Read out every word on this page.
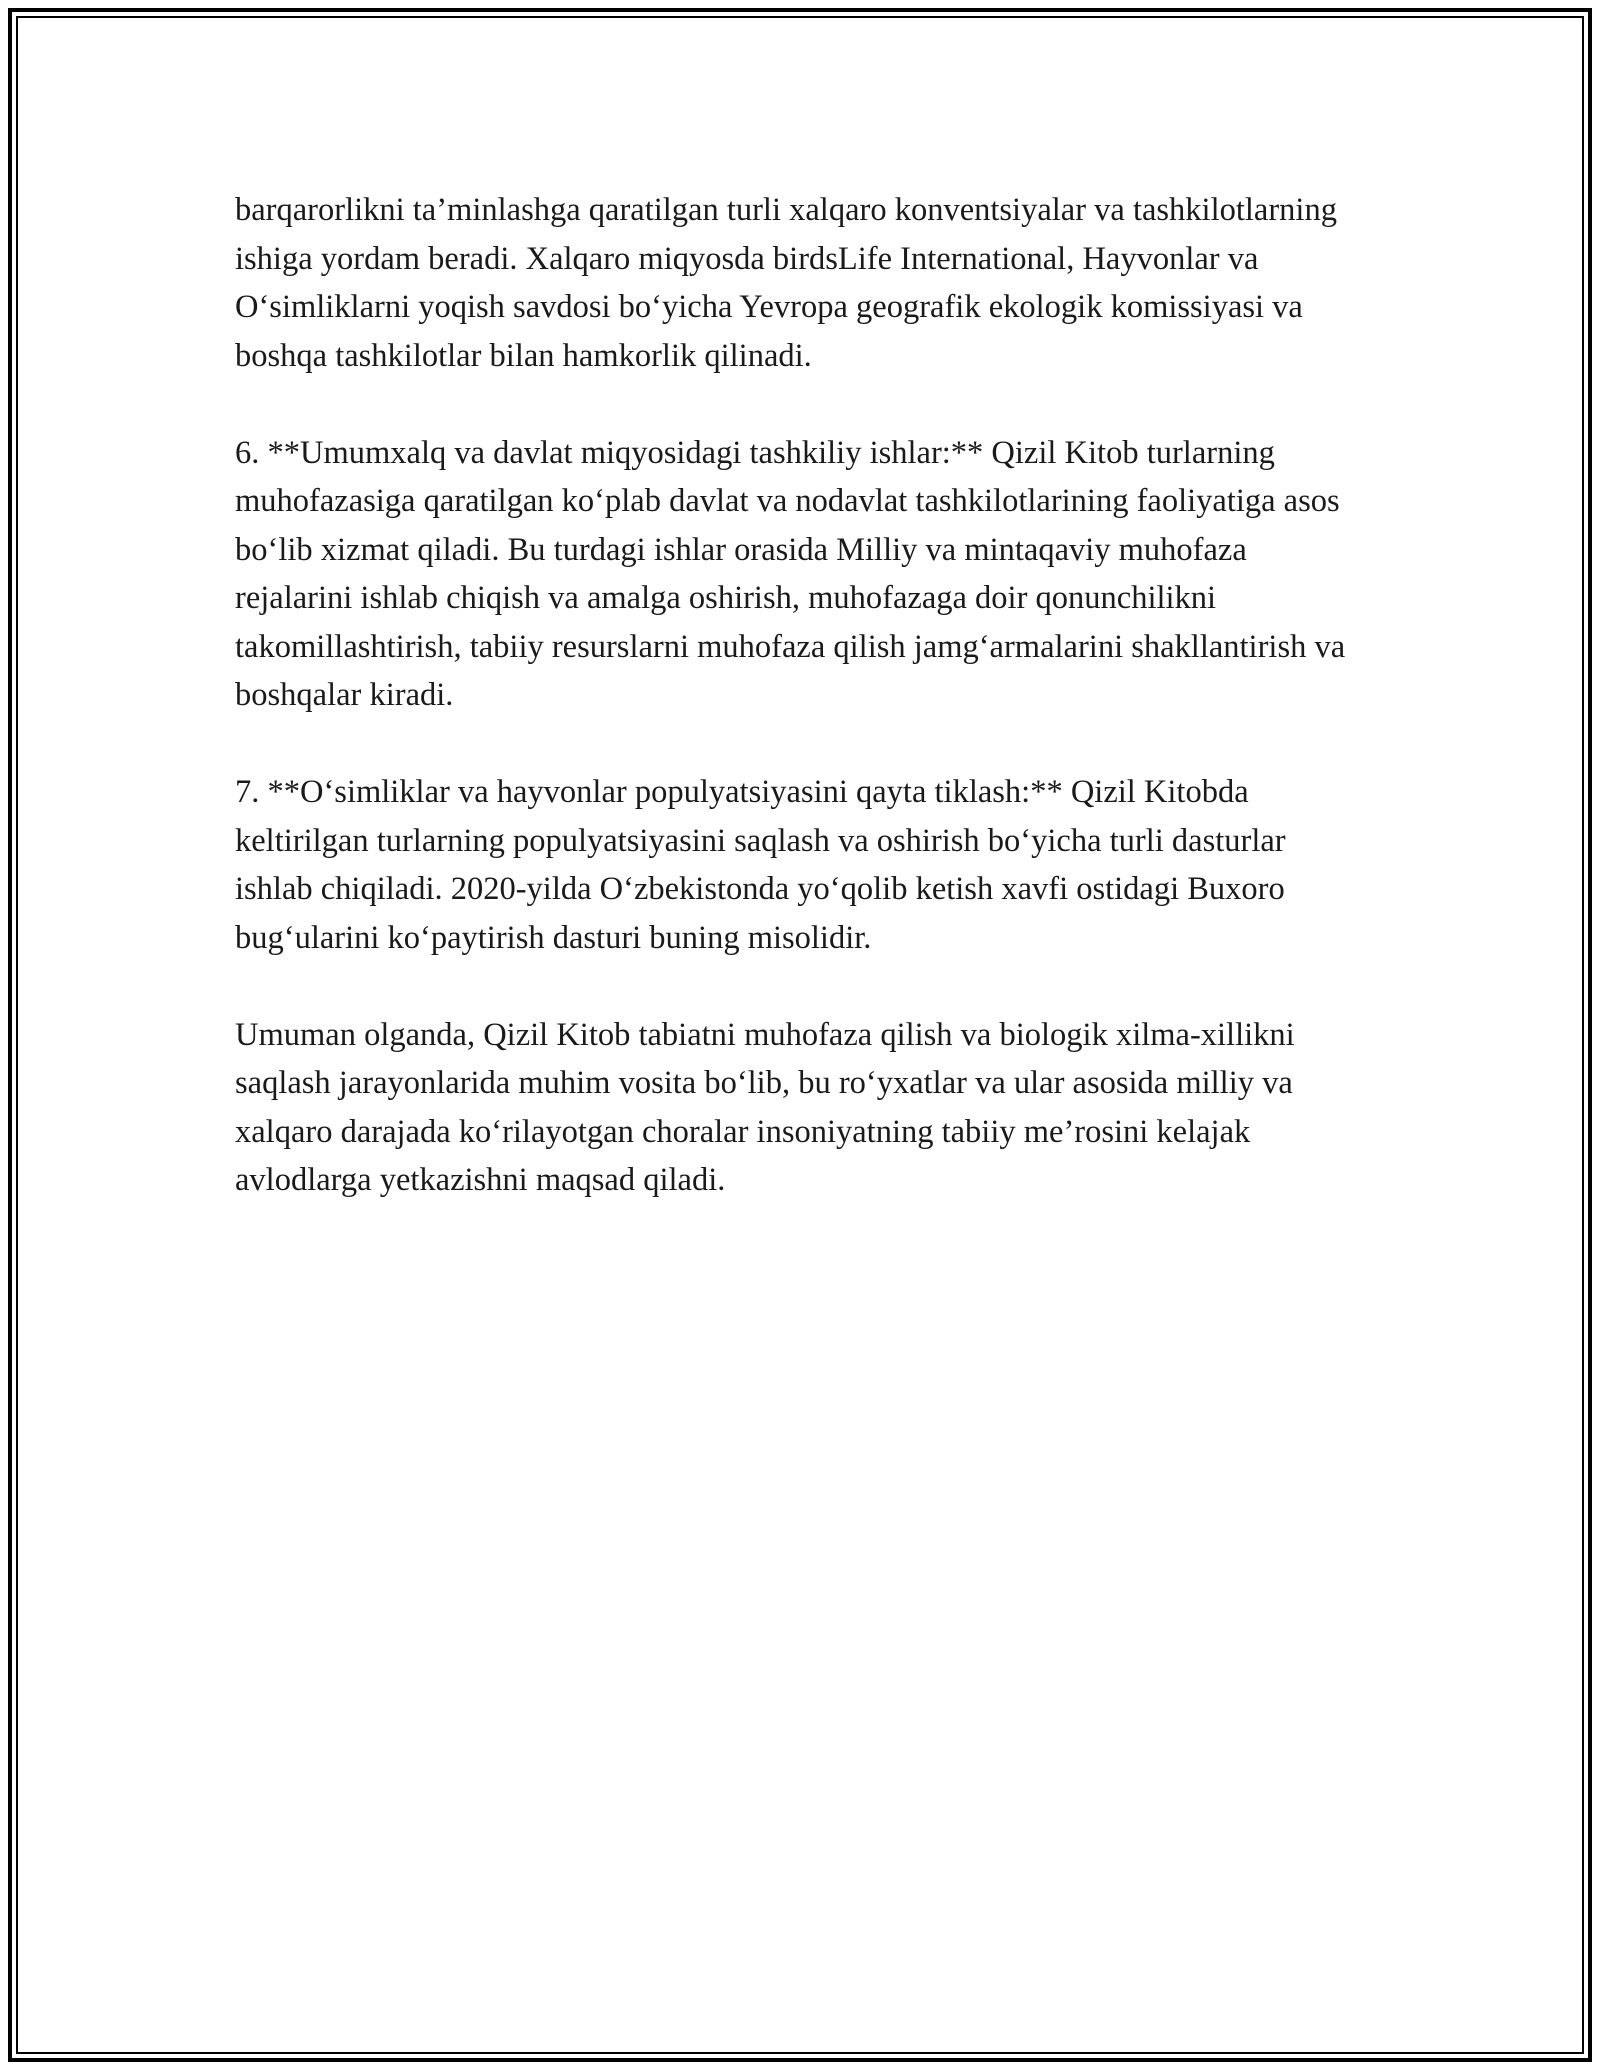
barqarorlikni ta’minlashga qaratilgan turli xalqaro konventsiyalar va tashkilotlarning ishiga yordam beradi. Xalqaro miqyosda birdsLife International, Hayvonlar va O‘simliklarni yoqish savdosi bo‘yicha Yevropa geografik ekologik komissiyasi va boshqa tashkilotlar bilan hamkorlik qilinadi.

6. **Umumxalq va davlat miqyosidagi tashkiliy ishlar:** Qizil Kitob turlarning muhofazasiga qaratilgan ko‘plab davlat va nodavlat tashkilotlarining faoliyatiga asos bo‘lib xizmat qiladi. Bu turdagi ishlar orasida Milliy va mintaqaviy muhofaza rejalarini ishlab chiqish va amalga oshirish, muhofazaga doir qonunchilikni takomillashtirish, tabiiy resurslarni muhofaza qilish jamg‘armalarini shakllantirish va boshqalar kiradi.

7. **O‘simliklar va hayvonlar populyatsiyasini qayta tiklash:** Qizil Kitobda keltirilgan turlarning populyatsiyasini saqlash va oshirish bo‘yicha turli dasturlar ishlab chiqiladi. 2020-yilda O‘zbekistonda yo‘qolib ketish xavfi ostidagi Buxoro bug‘ularini ko‘paytirish dasturi buning misolidir.

Umuman olganda, Qizil Kitob tabiatni muhofaza qilish va biologik xilma-xillikni saqlash jarayonlarida muhim vosita bo‘lib, bu ro‘yxatlar va ular asosida milliy va xalqaro darajada ko‘rilayotgan choralar insoniyatning tabiiy me’rosini kelajak avlodlarga yetkazishni maqsad qiladi.
